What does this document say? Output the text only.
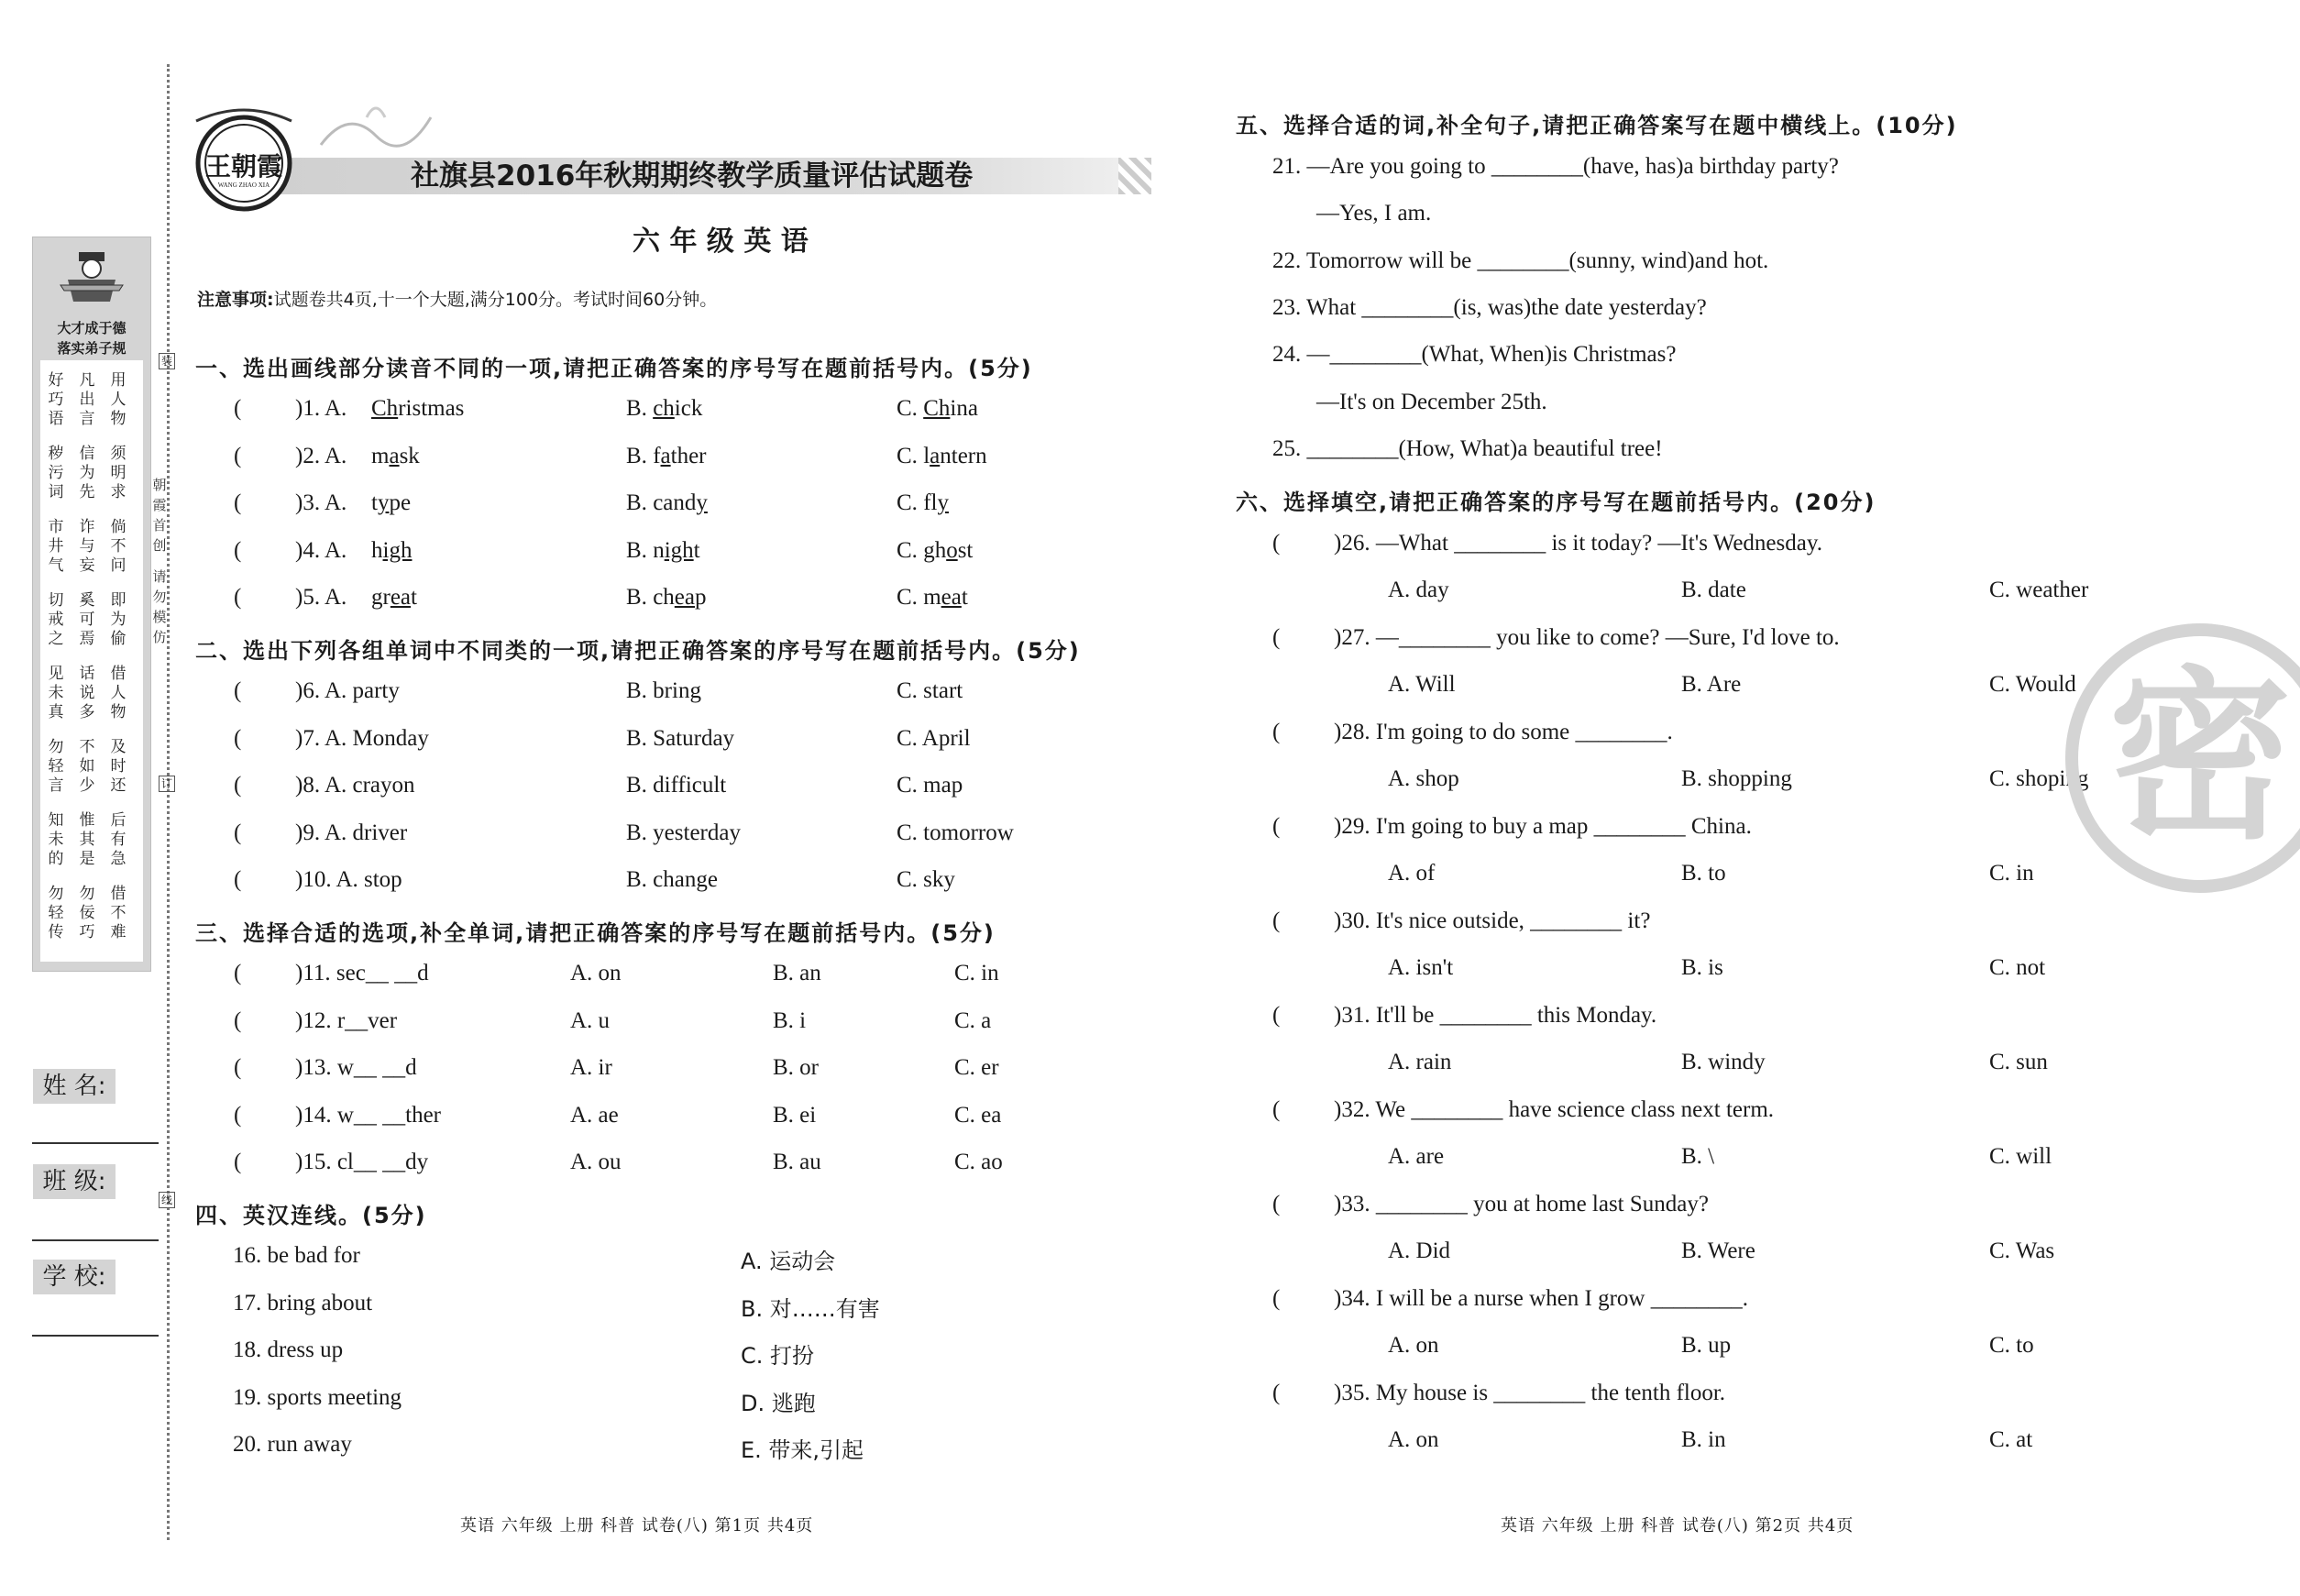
大才成于德
落实弟子规
好巧语
凡出言
用人物
秽污词
信为先
须明求
市井气
诈与妄
倘不问
切戒之
奚可焉
即为偷
见未真
话说多
借人物
勿轻言
不如少
及时还
知未的
惟其是
后有急
勿轻传
勿佞巧
借不难
姓 名:
班 级:
学 校:
王朝霞
WANG ZHAO XIA	社旗县2016年秋期期终教学质量评估试题卷
六 年 级 英 语
注意事项:试题卷共4页,十一个大题,满分100分。考试时间60分钟。
一、选出画线部分读音不同的一项,请把正确答案的序号写在题前括号内。(5分)
二、选出下列各组单词中不同类的一项,请把正确答案的序号写在题前括号内。(5分)
三、选择合适的选项,补全单词,请把正确答案的序号写在题前括号内。(5分)
四、英汉连线。(5分)
( )1. A. Christmas	B. chick	C. China
( )2. A. mask	B. father	C. lantern
( )3. A. type	B. candy	C. fly
( )4. A. high	B. night	C. ghost
( )5. A. great	B. cheap	C. meat
( )6. A. party	B. bring	C. start
( )7. A. Monday	B. Saturday	C. April
( )8. A. crayon	B. difficult	C. map
( )9. A. driver	B. yesterday	C. tomorrow
( )10. A. stop	B. change	C. sky
( )11. sec__ __d	A. on	B. an	C. in
( )12. r__ver	A. u	B. i	C. a
( )13. w__ __d	A. ir	B. or	C. er
( )14. w__ __ther	A. ae	B. ei	C. ea
( )15. cl__ __dy	A. ou	B. au	C. ao
16. be bad for	A. 运动会
17. bring about	B. 对……有害
18. dress up	C. 打扮
19. sports meeting	D. 逃跑
20. run away	E. 带来,引起
五、选择合适的词,补全句子,请把正确答案写在题中横线上。(10分)
21. —Are you going to ________(have, has)a birthday party?
—Yes, I am.
22. Tomorrow will be ________(sunny, wind)and hot.
23. What ________(is, was)the date yesterday?
24. —________(What, When)is Christmas?
—It's on December 25th.
25. ________(How, What)a beautiful tree!
六、选择填空,请把正确答案的序号写在题前括号内。(20分)
( )26. —What ________ is it today? —It's Wednesday.
A. day	B. date	C. weather
( )27. —________ you like to come? —Sure, I'd love to.
A. Will	B. Are	C. Would
( )28. I'm going to do some ________.
A. shop	B. shopping	C. shoping
( )29. I'm going to buy a map ________ China.
A. of	B. to	C. in
( )30. It's nice outside, ________ it?
A. isn't	B. is	C. not
( )31. It'll be ________ this Monday.
A. rain	B. windy	C. sun
( )32. We ________ have science class next term.
A. are	B. \	C. will
( )33. ________ you at home last Sunday?
A. Did	B. Were	C. Was
( )34. I will be a nurse when I grow ________.
A. on	B. up	C. to
( )35. My house is ________ the tenth floor.
A. on	B. in	C. at
密
英语 六年级 上册 科普 试卷(八) 第1页 共4页	英语 六年级 上册 科普 试卷(八) 第2页 共4页
朝
霞
首
创
请
勿
模
仿
装
订
线
